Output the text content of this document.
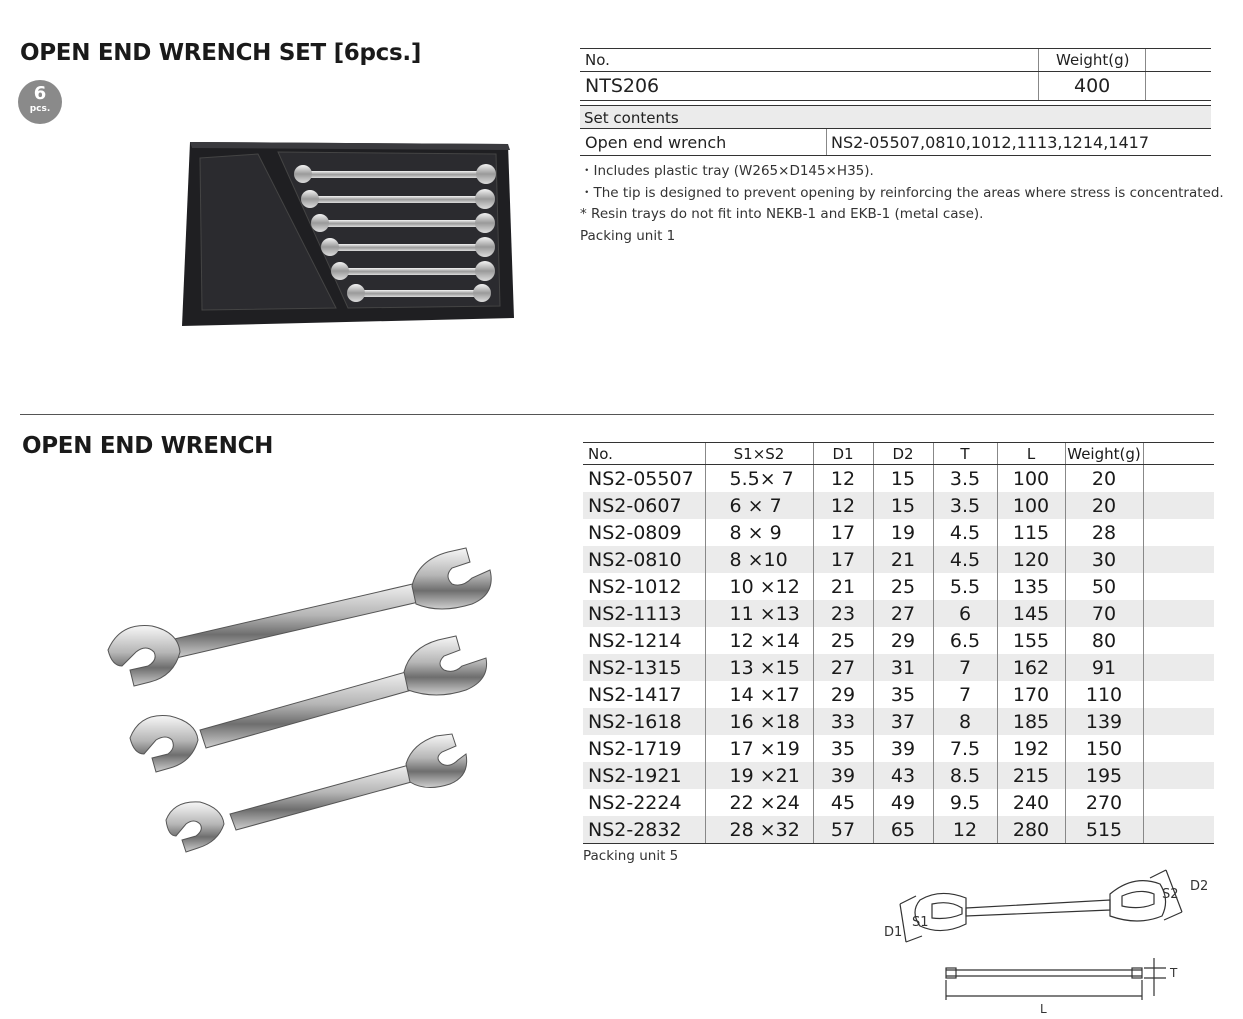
OPEN END WRENCH SET [6pcs.]
6
pcs.
No.	Weight(g)
NTS206	400
Set contents
Open end wrench	NS2-05507,0810,1012,1113,1214,1417
・Includes plastic tray (W265×D145×H35).
・The tip is designed to prevent opening by reinforcing the areas where stress is concentrated.
* Resin trays do not fit into NEKB-1 and EKB-1 (metal case).
Packing unit 1
OPEN END WRENCH	No.	S1×S2	D1	D2	T	L	Weight(g)	
NS2-05507	5.5× 7	12	15	3.5	100	20	
NS2-0607	6 × 7	12	15	3.5	100	20	
NS2-0809	8 × 9	17	19	4.5	115	28	
NS2-0810	8 ×10	17	21	4.5	120	30	
NS2-1012	10 ×12	21	25	5.5	135	50	
NS2-1113	11 ×13	23	27	6	145	70	
NS2-1214	12 ×14	25	29	6.5	155	80	
NS2-1315	13 ×15	27	31	7	162	91	
NS2-1417	14 ×17	29	35	7	170	110	
NS2-1618	16 ×18	33	37	8	185	139	
NS2-1719	17 ×19	35	39	7.5	192	150	
NS2-1921	19 ×21	39	43	8.5	215	195	
NS2-2224	22 ×24	45	49	9.5	240	270	
NS2-2832	28 ×32	57	65	12	280	515	
Packing unit 5
D1
S1
S2
D2
T
L
